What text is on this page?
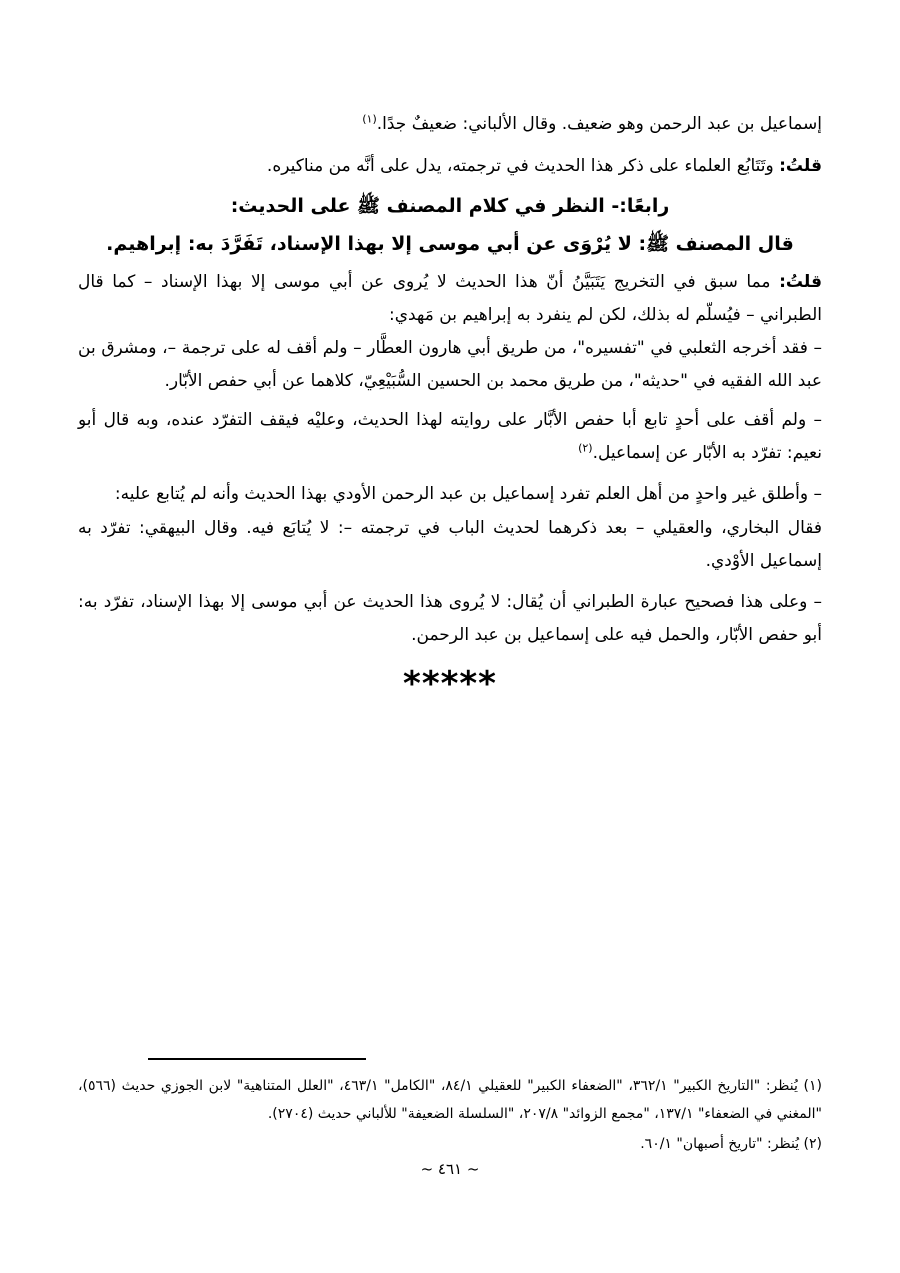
إسماعيل بن عبد الرحمن وهو ضعيف. وقال الألباني: ضعيفٌ جدًا.$^{(١)}$

قلتُ: وتَتَابُع العلماء على ذكر هذا الحديث في ترجمته، يدل على أنَّه من مناكيره.

رابعًا:- النظر في كلام المصنف ﷺ على الحديث:

قال المصنف ﷺ: لا يُرْوَى عن أبي موسى إلا بهذا الإسناد، تَفَرَّدَ به: إبراهيم.

قلتُ: مما سبق في التخريج يَتَبَيَّنُ أنّ هذا الحديث لا يُروى عن أبي موسى إلا بهذا الإسناد – كما قال الطبراني – فيُسلّم له بذلك، لكن لم ينفرد به إبراهيم بن مَهدي:

– فقد أخرجه الثعلبي في "تفسيره"، من طريق أبي هارون العطَّار – ولم أقف له على ترجمة –، ومشرق بن عبد الله الفقيه في "حديثه"، من طريق محمد بن الحسين السُّبَيْعِيّ، كلاهما عن أبي حفص الأبّار.

– ولم أقف على أحدٍ تابع أبا حفص الأبَّار على روايته لهذا الحديث، وعليْه فيقف التفرّد عنده، وبه قال أبو نعيم: تفرّد به الأبّار عن إسماعيل.$^{(٢)}$

– وأطلق غير واحدٍ من أهل العلم تفرد إسماعيل بن عبد الرحمن الأودي بهذا الحديث وأنه لم يُتابع عليه:

فقال البخاري، والعقيلي – بعد ذكرهما لحديث الباب في ترجمته –: لا يُتابَع فيه. وقال البيهقي: تفرّد به إسماعيل الأوْدي.

– وعلى هذا فصحيح عبارة الطبراني أن يُقال: لا يُروى هذا الحديث عن أبي موسى إلا بهذا الإسناد، تفرّد به: أبو حفص الأبّار، والحمل فيه على إسماعيل بن عبد الرحمن.

*****

(١) يُنظر: "التاريخ الكبير" ٣٦٢/١، "الضعفاء الكبير" للعقيلي ٨٤/١، "الكامل" ٤٦٣/١، "العلل المتناهية" لابن الجوزي حديث (٥٦٦)، "المغني في الضعفاء" ١٣٧/١، "مجمع الزوائد" ٢٠٧/٨، "السلسلة الضعيفة" للألباني حديث (٢٧٠٤).

(٢) يُنظر: "تاريخ أصبهان" ٦٠/١.

~ ٤٦١ ~
